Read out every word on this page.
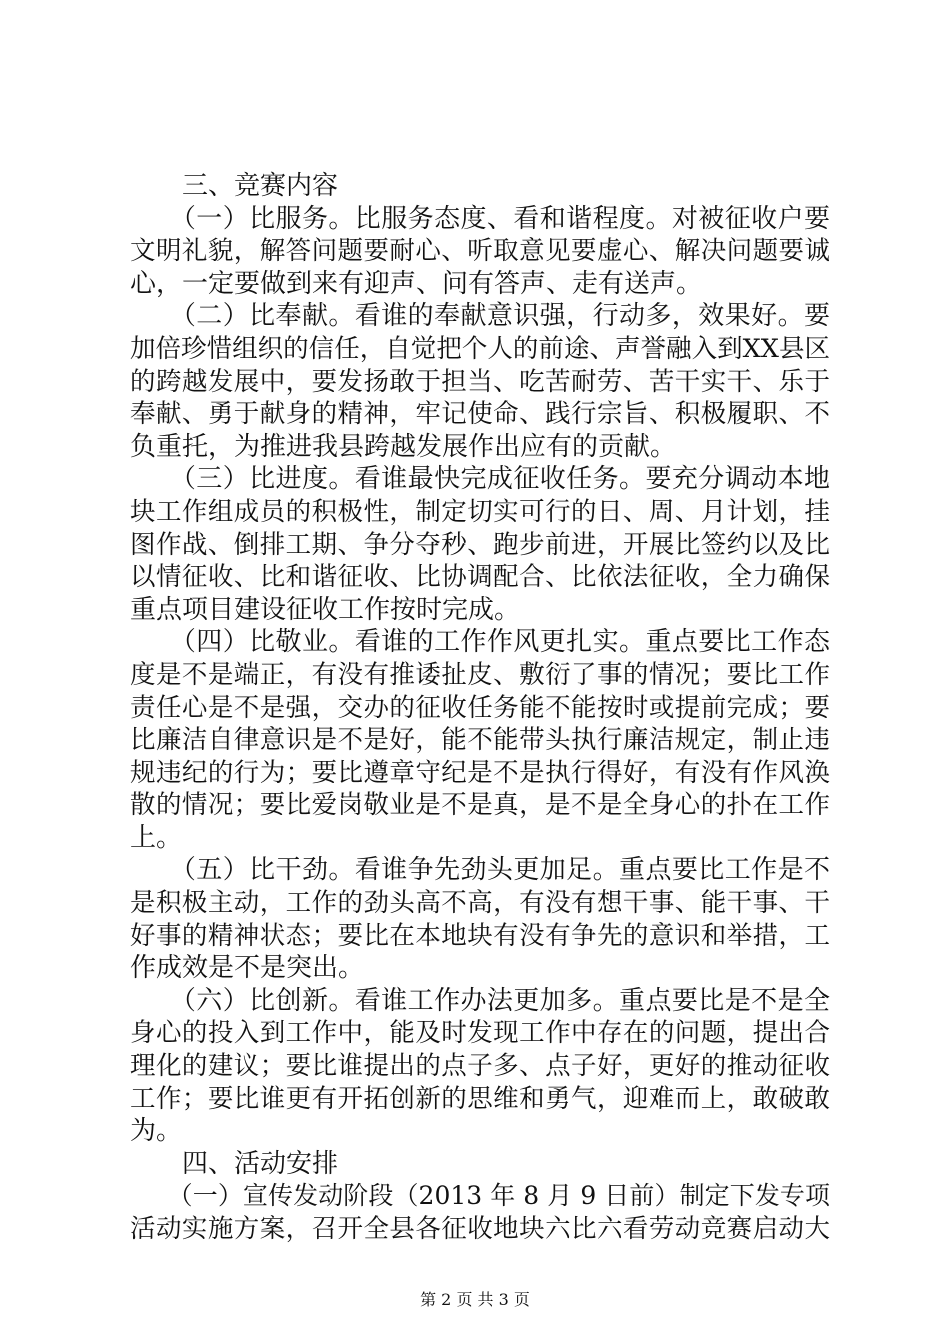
　　三、竞赛内容
　　（一）比服务。比服务态度、看和谐程度。对被征收户要
文明礼貌，解答问题要耐心、听取意见要虚心、解决问题要诚
心，一定要做到来有迎声、问有答声、走有送声。
　　（二）比奉献。看谁的奉献意识强，行动多，效果好。要
加倍珍惜组织的信任，自觉把个人的前途、声誉融入到XX县区
的跨越发展中，要发扬敢于担当、吃苦耐劳、苦干实干、乐于
奉献、勇于献身的精神，牢记使命、践行宗旨、积极履职、不
负重托，为推进我县跨越发展作出应有的贡献。
　　（三）比进度。看谁最快完成征收任务。要充分调动本地
块工作组成员的积极性，制定切实可行的日、周、月计划，挂
图作战、倒排工期、争分夺秒、跑步前进，开展比签约以及比
以情征收、比和谐征收、比协调配合、比依法征收，全力确保
重点项目建设征收工作按时完成。
　　（四）比敬业。看谁的工作作风更扎实。重点要比工作态
度是不是端正，有没有推诿扯皮、敷衍了事的情况；要比工作
责任心是不是强，交办的征收任务能不能按时或提前完成；要
比廉洁自律意识是不是好，能不能带头执行廉洁规定，制止违
规违纪的行为；要比遵章守纪是不是执行得好，有没有作风涣
散的情况；要比爱岗敬业是不是真，是不是全身心的扑在工作
上。
　　（五）比干劲。看谁争先劲头更加足。重点要比工作是不
是积极主动，工作的劲头高不高，有没有想干事、能干事、干
好事的精神状态；要比在本地块有没有争先的意识和举措，工
作成效是不是突出。
　　（六）比创新。看谁工作办法更加多。重点要比是不是全
身心的投入到工作中，能及时发现工作中存在的问题，提出合
理化的建议；要比谁提出的点子多、点子好，更好的推动征收
工作；要比谁更有开拓创新的思维和勇气，迎难而上，敢破敢
为。
　　四、活动安排
　　（一）宣传发动阶段（2013 年 8 月 9 日前）制定下发专项
活动实施方案，召开全县各征收地块六比六看劳动竞赛启动大
第 2 页 共 3 页
